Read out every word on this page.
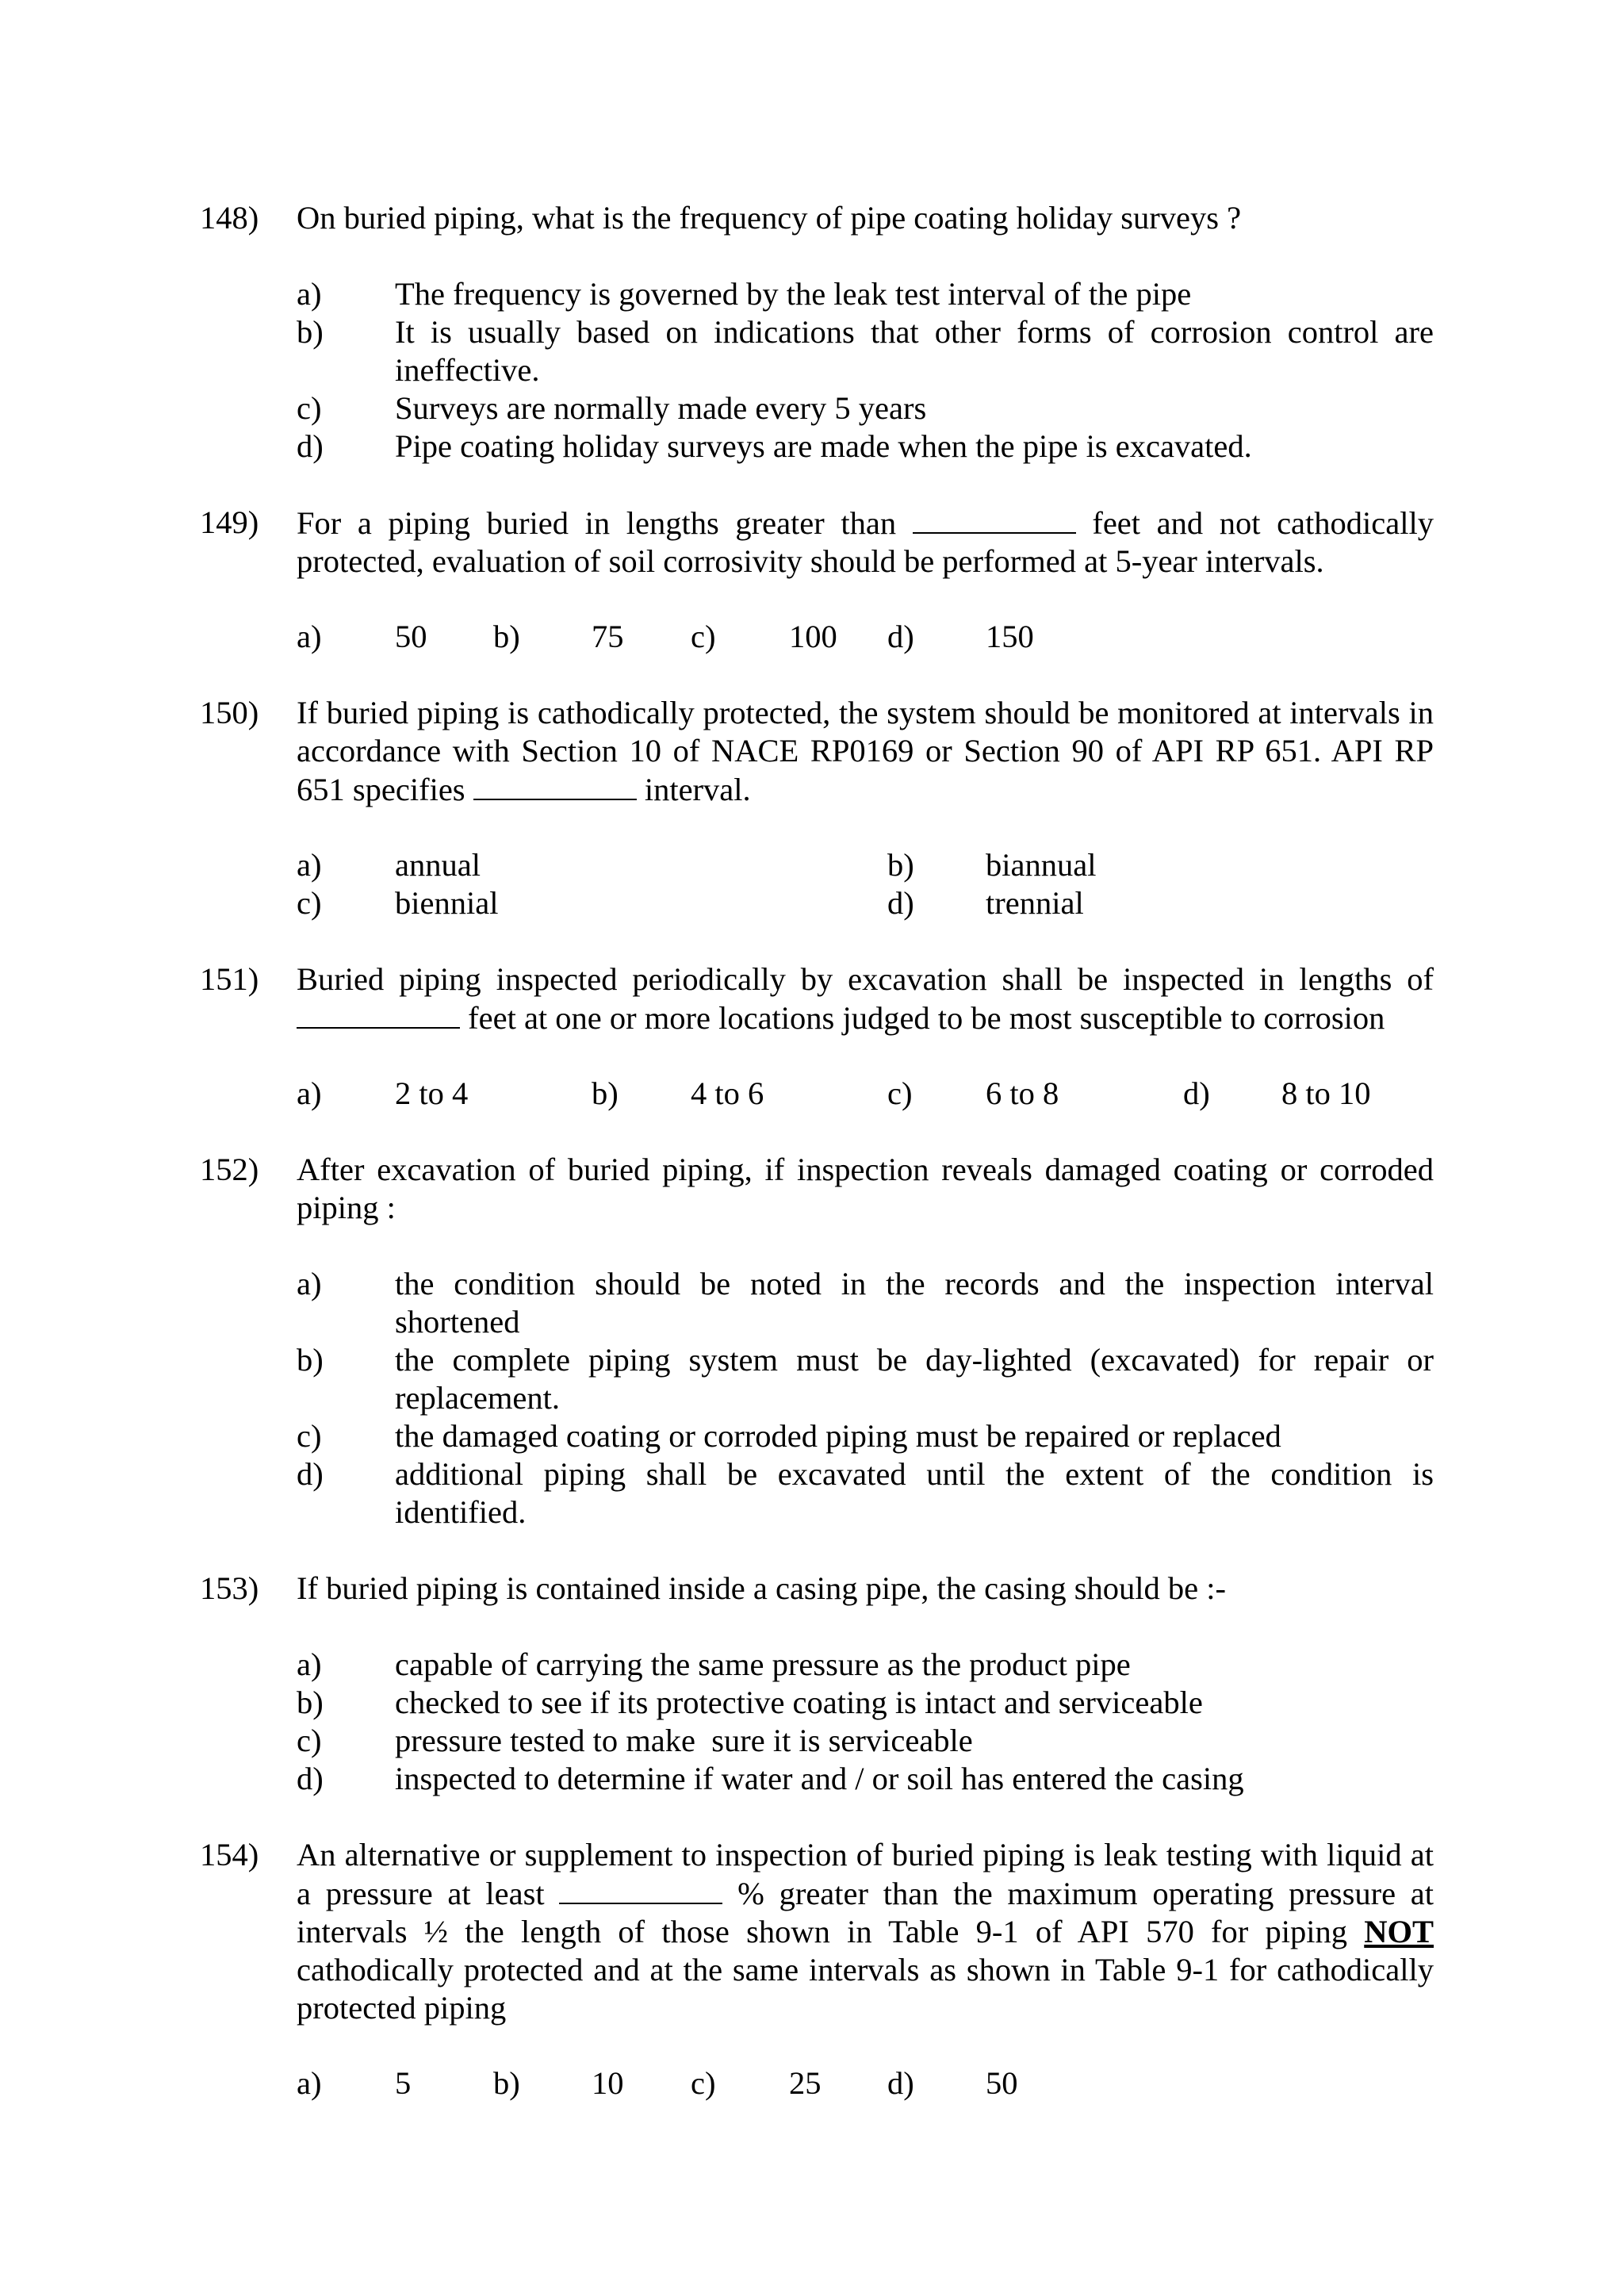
148) On buried piping, what is the frequency of pipe coating holiday surveys ?
a) The frequency is governed by the leak test interval of the pipe
b) It is usually based on indications that other forms of corrosion control are ineffective.
c) Surveys are normally made every 5 years
d) Pipe coating holiday surveys are made when the pipe is excavated.
149) For a piping buried in lengths greater than	feet and not cathodically protected, evaluation of soil corrosivity should be performed at 5-year intervals.
a) 50 b) 75 c) 100 d) 150
150) If buried piping is cathodically protected, the system should be monitored at intervals in accordance with Section 10 of NACE RP0169 or Section 90 of API RP 651. API RP 651 specifies	interval.
a) annual	b) biannual
c) biennial	d) trennial
151) Buried piping inspected periodically by excavation shall be inspected in lengths of  feet at one or more locations judged to be most susceptible to corrosion
a) 2 to 4	b) 4 to 6	c) 6 to 8	d) 8 to 10
152) After excavation of buried piping, if inspection reveals damaged coating or corroded piping :
a) the condition should be noted in the records and the inspection interval shortened
b) the complete piping system must be day-lighted (excavated) for repair or replacement.
c) the damaged coating or corroded piping must be repaired or replaced
d) additional piping shall be excavated until the extent of the condition is identified.
153) If buried piping is contained inside a casing pipe, the casing should be :-
a) capable of carrying the same pressure as the product pipe
b) checked to see if its protective coating is intact and serviceable
c) pressure tested to make  sure it is serviceable
d) inspected to determine if water and / or soil has entered the casing
154) An alternative or supplement to inspection of buried piping is leak testing with liquid at a pressure at least	% greater than the maximum operating pressure at intervals ½ the length of those shown in Table 9-1 of API 570 for piping NOT cathodically protected and at the same intervals as shown in Table 9-1 for cathodically protected piping
a) 5	b) 10 c) 25 d) 50
